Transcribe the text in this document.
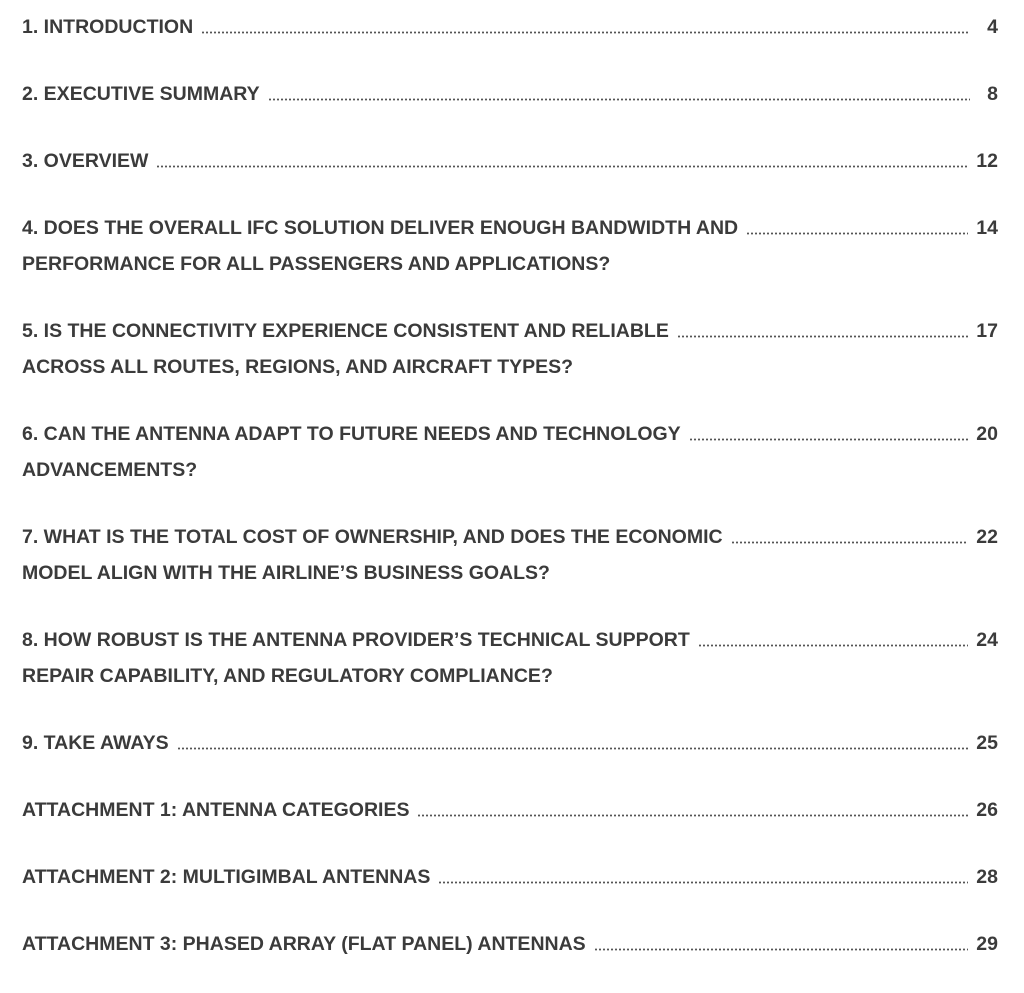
1. INTRODUCTION	4
2. EXECUTIVE SUMMARY	8
3. OVERVIEW	12
4. DOES THE OVERALL IFC SOLUTION DELIVER ENOUGH BANDWIDTH AND	14
PERFORMANCE FOR ALL PASSENGERS AND APPLICATIONS?
5. IS THE CONNECTIVITY EXPERIENCE CONSISTENT AND RELIABLE	17
ACROSS ALL ROUTES, REGIONS, AND AIRCRAFT TYPES?
6. CAN THE ANTENNA ADAPT TO FUTURE NEEDS AND TECHNOLOGY	20
ADVANCEMENTS?
7. WHAT IS THE TOTAL COST OF OWNERSHIP, AND DOES THE ECONOMIC	22
MODEL ALIGN WITH THE AIRLINE’S BUSINESS GOALS?
8. HOW ROBUST IS THE ANTENNA PROVIDER’S TECHNICAL SUPPORT	24
REPAIR CAPABILITY, AND REGULATORY COMPLIANCE?
9. TAKE AWAYS	25
ATTACHMENT 1: ANTENNA CATEGORIES	26
ATTACHMENT 2: MULTIGIMBAL ANTENNAS	28
ATTACHMENT 3: PHASED ARRAY (FLAT PANEL) ANTENNAS	29
